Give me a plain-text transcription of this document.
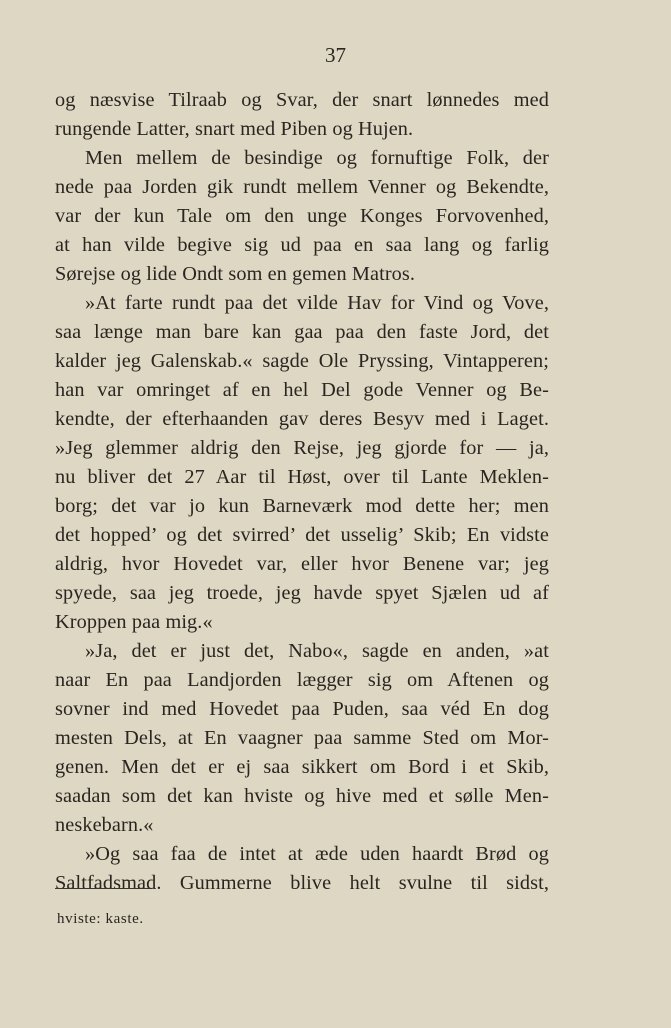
37
og næsvise Tilraab og Svar, der snart lønnedes med
rungende Latter, snart med Piben og Hujen.
Men mellem de besindige og fornuftige Folk, der
nede paa Jorden gik rundt mellem Venner og Bekendte,
var der kun Tale om den unge Konges Forvovenhed,
at han vilde begive sig ud paa en saa lang og farlig
Sørejse og lide Ondt som en gemen Matros.
»At farte rundt paa det vilde Hav for Vind og Vove,
saa længe man bare kan gaa paa den faste Jord, det
kalder jeg Galenskab.« sagde Ole Pryssing, Vintapperen;
han var omringet af en hel Del gode Venner og Be-
kendte, der efterhaanden gav deres Besyv med i Laget.
»Jeg glemmer aldrig den Rejse, jeg gjorde for — ja,
nu bliver det 27 Aar til Høst, over til Lante Meklen-
borg; det var jo kun Barneværk mod dette her; men
det hopped’ og det svirred’ det usselig’ Skib; En vidste
aldrig, hvor Hovedet var, eller hvor Benene var; jeg
spyede, saa jeg troede, jeg havde spyet Sjælen ud af
Kroppen paa mig.«
»Ja, det er just det, Nabo«, sagde en anden, »at
naar En paa Landjorden lægger sig om Aftenen og
sovner ind med Hovedet paa Puden, saa véd En dog
mesten Dels, at En vaagner paa samme Sted om Mor-
genen. Men det er ej saa sikkert om Bord i et Skib,
saadan som det kan hviste og hive med et sølle Men-
neskebarn.«
»Og saa faa de intet at æde uden haardt Brød og
Saltfadsmad. Gummerne blive helt svulne til sidst,
hviste: kaste.
